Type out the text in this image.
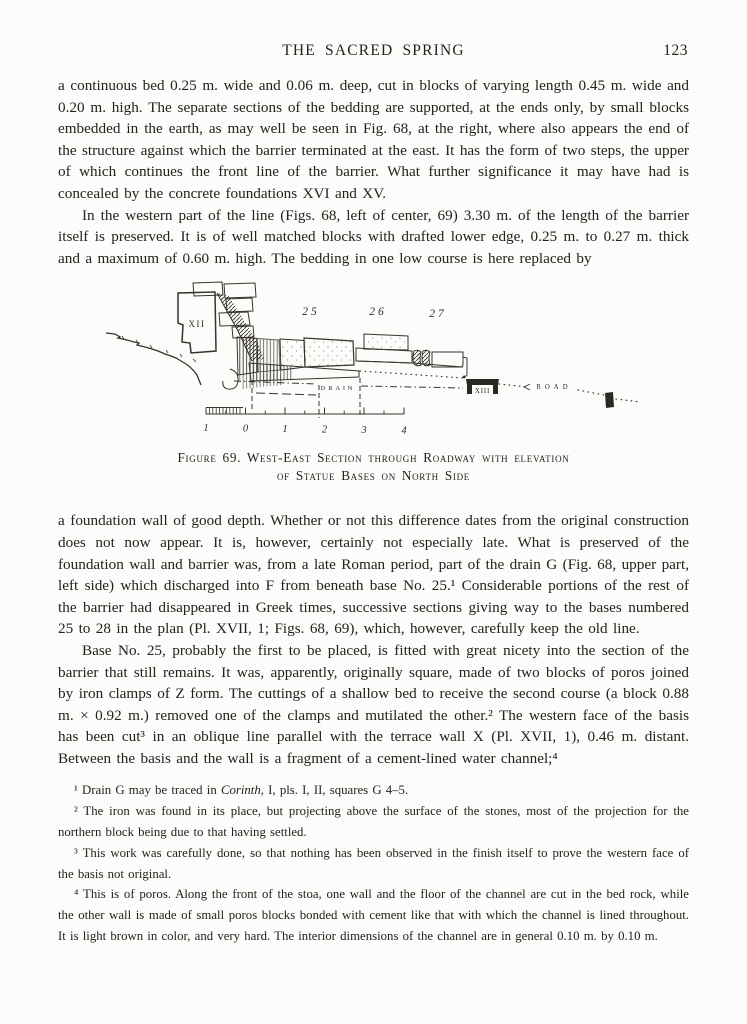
THE SACRED SPRING	123

a continuous bed 0.25 m. wide and 0.06 m. deep, cut in blocks of varying length 0.45 m. wide and 0.20 m. high. The separate sections of the bedding are supported, at the ends only, by small blocks embedded in the earth, as may well be seen in Fig. 68, at the right, where also appears the end of the structure against which the barrier terminated at the east. It has the form of two steps, the upper of which continues the front line of the barrier. What further significance it may have had is concealed by the concrete foundations XVI and XV.

In the western part of the line (Figs. 68, left of center, 69) 3.30 m. of the length of the barrier itself is preserved. It is of well matched blocks with drafted lower edge, 0.25 m. to 0.27 m. thick and a maximum of 0.60 m. high. The bedding in one low course is here replaced by

XII
25	26	27
XIII	ROAD
DRAIN
1	0	1	2	3	4
Figure 69. West-East Section through Roadway with elevation
of Statue Bases on North Side

a foundation wall of good depth. Whether or not this difference dates from the original construction does not now appear. It is, however, certainly not especially late. What is preserved of the foundation wall and barrier was, from a late Roman period, part of the drain G (Fig. 68, upper part, left side) which discharged into F from beneath base No. 25.¹ Considerable portions of the rest of the barrier had disappeared in Greek times, successive sections giving way to the bases numbered 25 to 28 in the plan (Pl. XVII, 1; Figs. 68, 69), which, however, carefully keep the old line.

Base No. 25, probably the first to be placed, is fitted with great nicety into the section of the barrier that still remains. It was, apparently, originally square, made of two blocks of poros joined by iron clamps of Z form. The cuttings of a shallow bed to receive the second course (a block 0.88 m. × 0.92 m.) removed one of the clamps and mutilated the other.² The western face of the basis has been cut³ in an oblique line parallel with the terrace wall X (Pl. XVII, 1), 0.46 m. distant. Between the basis and the wall is a fragment of a cement-lined water channel;⁴

¹ Drain G may be traced in Corinth, I, pls. I, II, squares G 4–5.

² The iron was found in its place, but projecting above the surface of the stones, most of the projection for the northern block being due to that having settled.

³ This work was carefully done, so that nothing has been observed in the finish itself to prove the western face of the basis not original.

⁴ This is of poros. Along the front of the stoa, one wall and the floor of the channel are cut in the bed rock, while the other wall is made of small poros blocks bonded with cement like that with which the channel is lined throughout. It is light brown in color, and very hard. The interior dimensions of the channel are in general 0.10 m. by 0.10 m.
